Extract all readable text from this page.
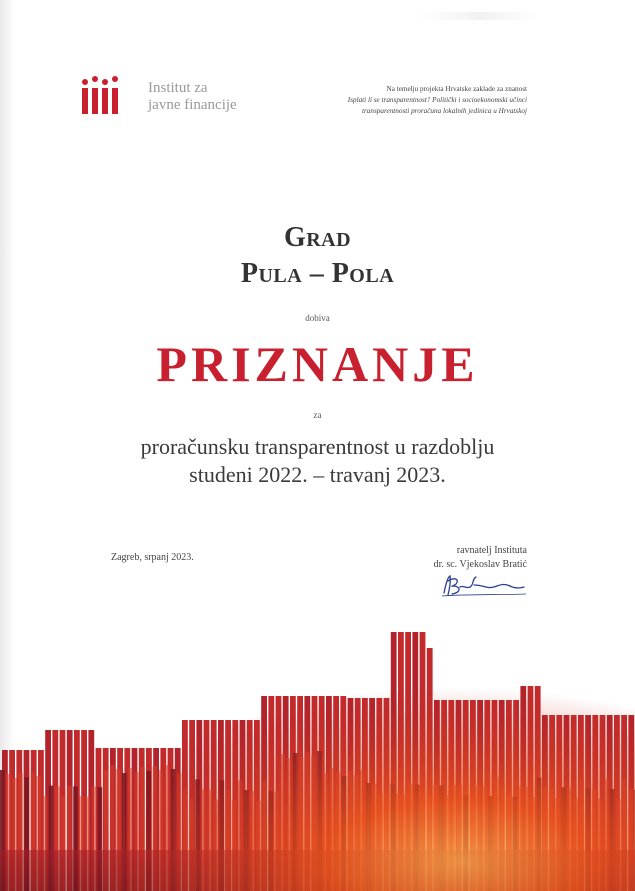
Institut za
javne financije
Na temelju projekta Hrvatske zaklade za znanost
Isplati li se transparentnost? Politički i socioekonomski učinci
transparentnosti proračuna lokalnih jedinica u Hrvatskoj
Grad
Pula – Pola
dobiva
PRIZNANJE
za
proračunsku transparentnost u razdoblju
studeni 2022. – travanj 2023.
Zagreb, srpanj 2023.
ravnatelj Instituta
dr. sc. Vjekoslav Bratić
